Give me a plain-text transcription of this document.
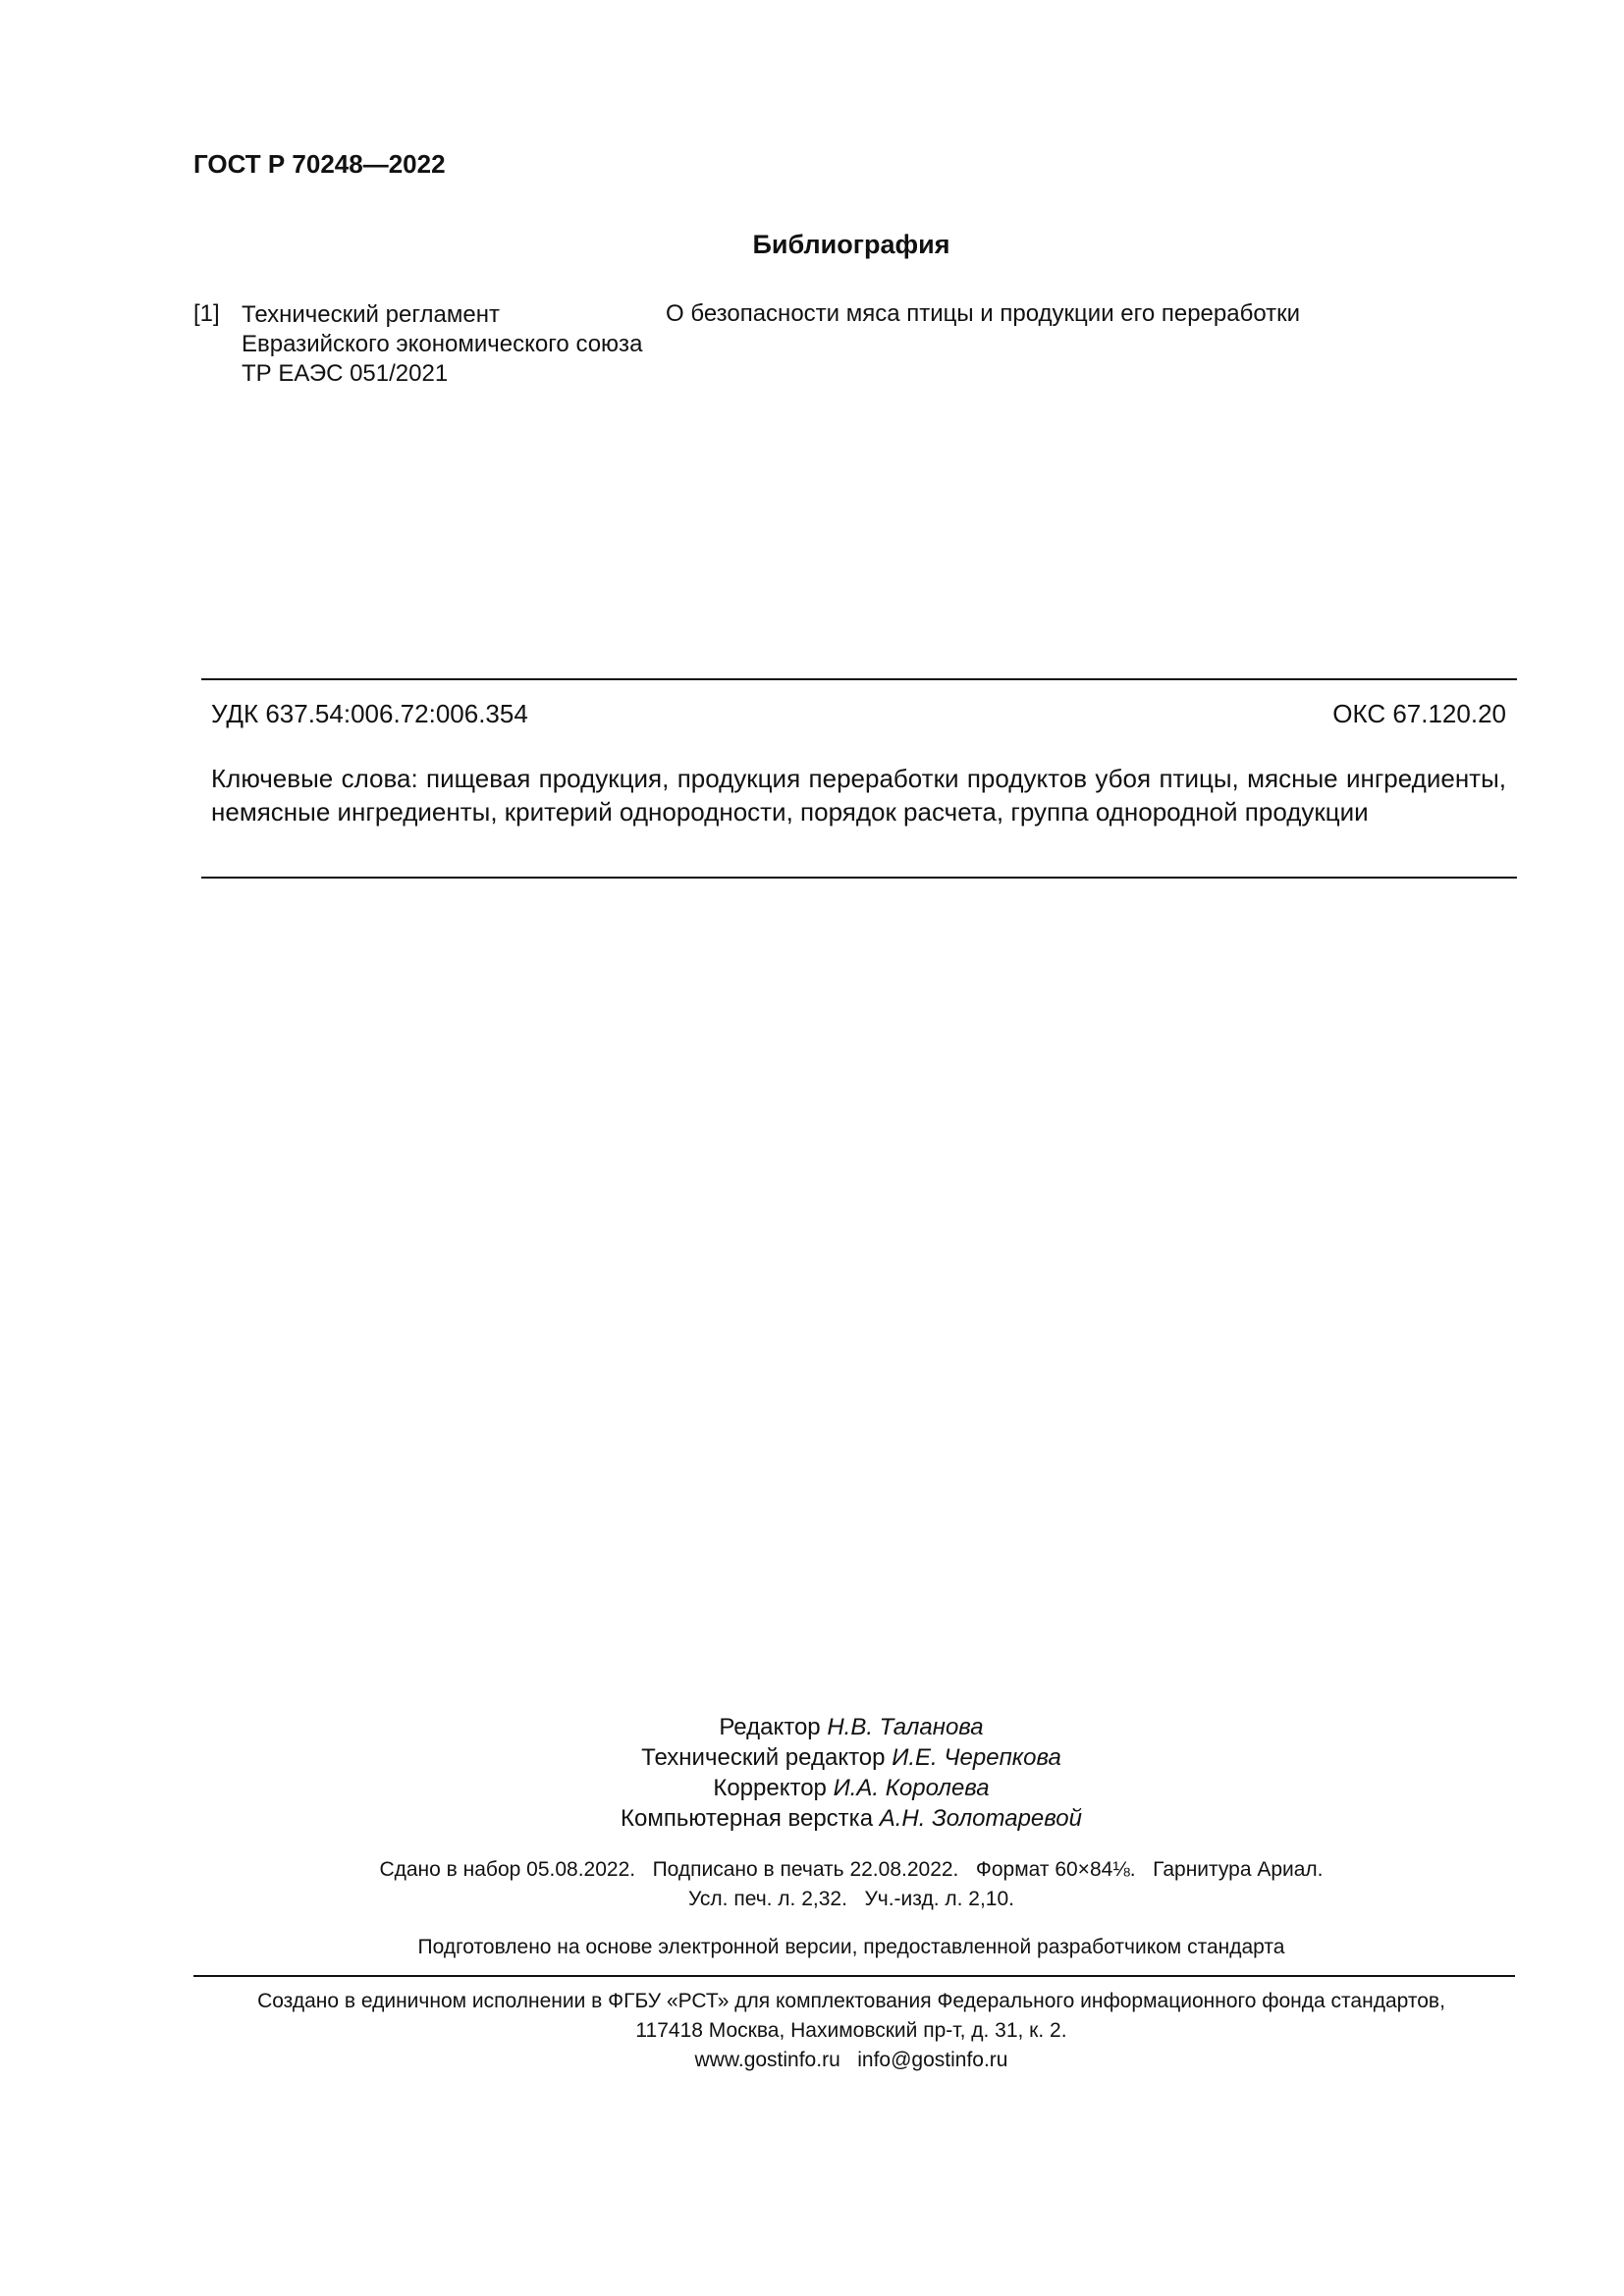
ГОСТ Р 70248—2022
Библиография
[1] Технический регламент
Евразийского экономического союза
ТР ЕАЭС 051/2021
О безопасности мяса птицы и продукции его переработки
УДК 637.54:006.72:006.354	ОКС 67.120.20
Ключевые слова: пищевая продукция, продукция переработки продуктов убоя птицы, мясные ингредиенты, немясные ингредиенты, критерий однородности, порядок расчета, группа однородной продукции
Редактор Н.В. Таланова
Технический редактор И.Е. Черепкова
Корректор И.А. Королева
Компьютерная верстка А.Н. Золотаревой
Сдано в набор 05.08.2022.   Подписано в печать 22.08.2022.   Формат 60×84⅛.   Гарнитура Ариал.
Усл. печ. л. 2,32.   Уч.-изд. л. 2,10.
Подготовлено на основе электронной версии, предоставленной разработчиком стандарта
Создано в единичном исполнении в ФГБУ «РСТ» для комплектования Федерального информационного фонда стандартов,
117418 Москва, Нахимовский пр-т, д. 31, к. 2.
www.gostinfo.ru   info@gostinfo.ru
